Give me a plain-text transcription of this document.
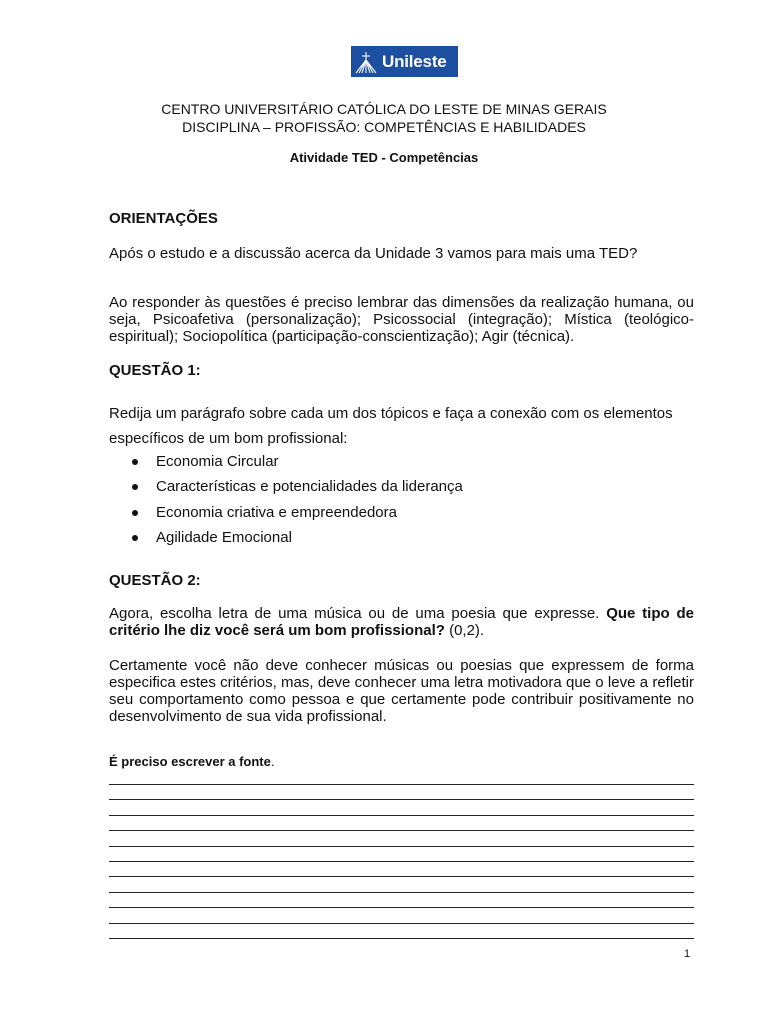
Unileste
CENTRO UNIVERSITÁRIO CATÓLICA DO LESTE DE MINAS GERAIS
DISCIPLINA – PROFISSÃO: COMPETÊNCIAS E HABILIDADES
Atividade TED - Competências
ORIENTAÇÕES
Após o estudo e a discussão acerca da Unidade 3 vamos para mais uma TED?
Ao responder às questões é preciso lembrar das dimensões da realização humana, ou seja, Psicoafetiva (personalização); Psicossocial (integração); Mística (teológico-espiritual); Sociopolítica (participação-conscientização); Agir (técnica).
QUESTÃO 1:
Redija um parágrafo sobre cada um dos tópicos e faça a conexão com os elementos específicos de um bom profissional:
Economia Circular
Características e potencialidades da liderança
Economia criativa e empreendedora
Agilidade Emocional
QUESTÃO 2:
Agora, escolha letra de uma música ou de uma poesia que expresse. Que tipo de critério lhe diz você será um bom profissional? (0,2).
Certamente você não deve conhecer músicas ou poesias que expressem de forma especifica estes critérios, mas, deve conhecer uma letra motivadora que o leve a refletir seu comportamento como pessoa e que certamente pode contribuir positivamente no desenvolvimento de sua vida profissional.
É preciso escrever a fonte.
1
